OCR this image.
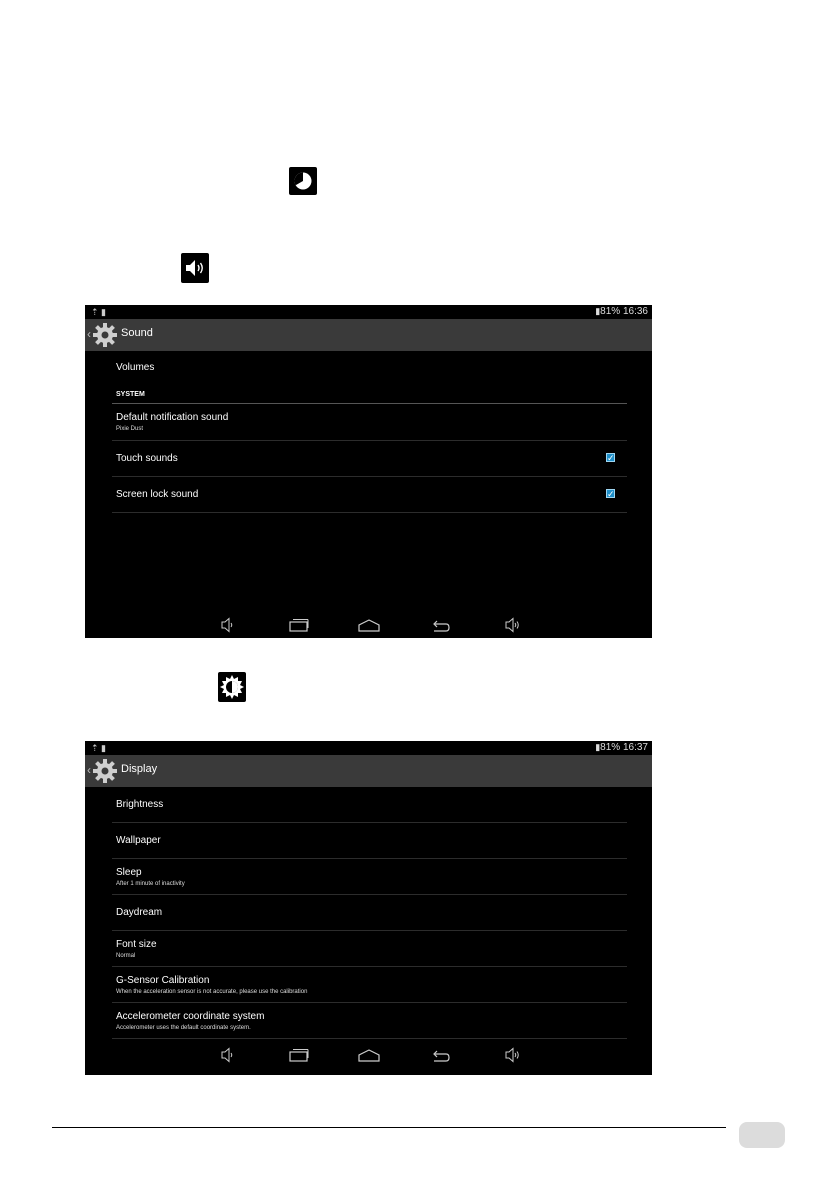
⇡ ▮	▮81% 16:36
‹	Sound
Volumes
SYSTEM
Default notification sound
Pixie Dust
Touch sounds	✓
Screen lock sound	✓
⇡ ▮	▮81% 16:37
‹	Display
Brightness
Wallpaper
Sleep
After 1 minute of inactivity
Daydream
Font size
Normal
G-Sensor Calibration
When the acceleration sensor is not accurate, please use the calibration
Accelerometer coordinate system
Accelerometer uses the default coordinate system.
